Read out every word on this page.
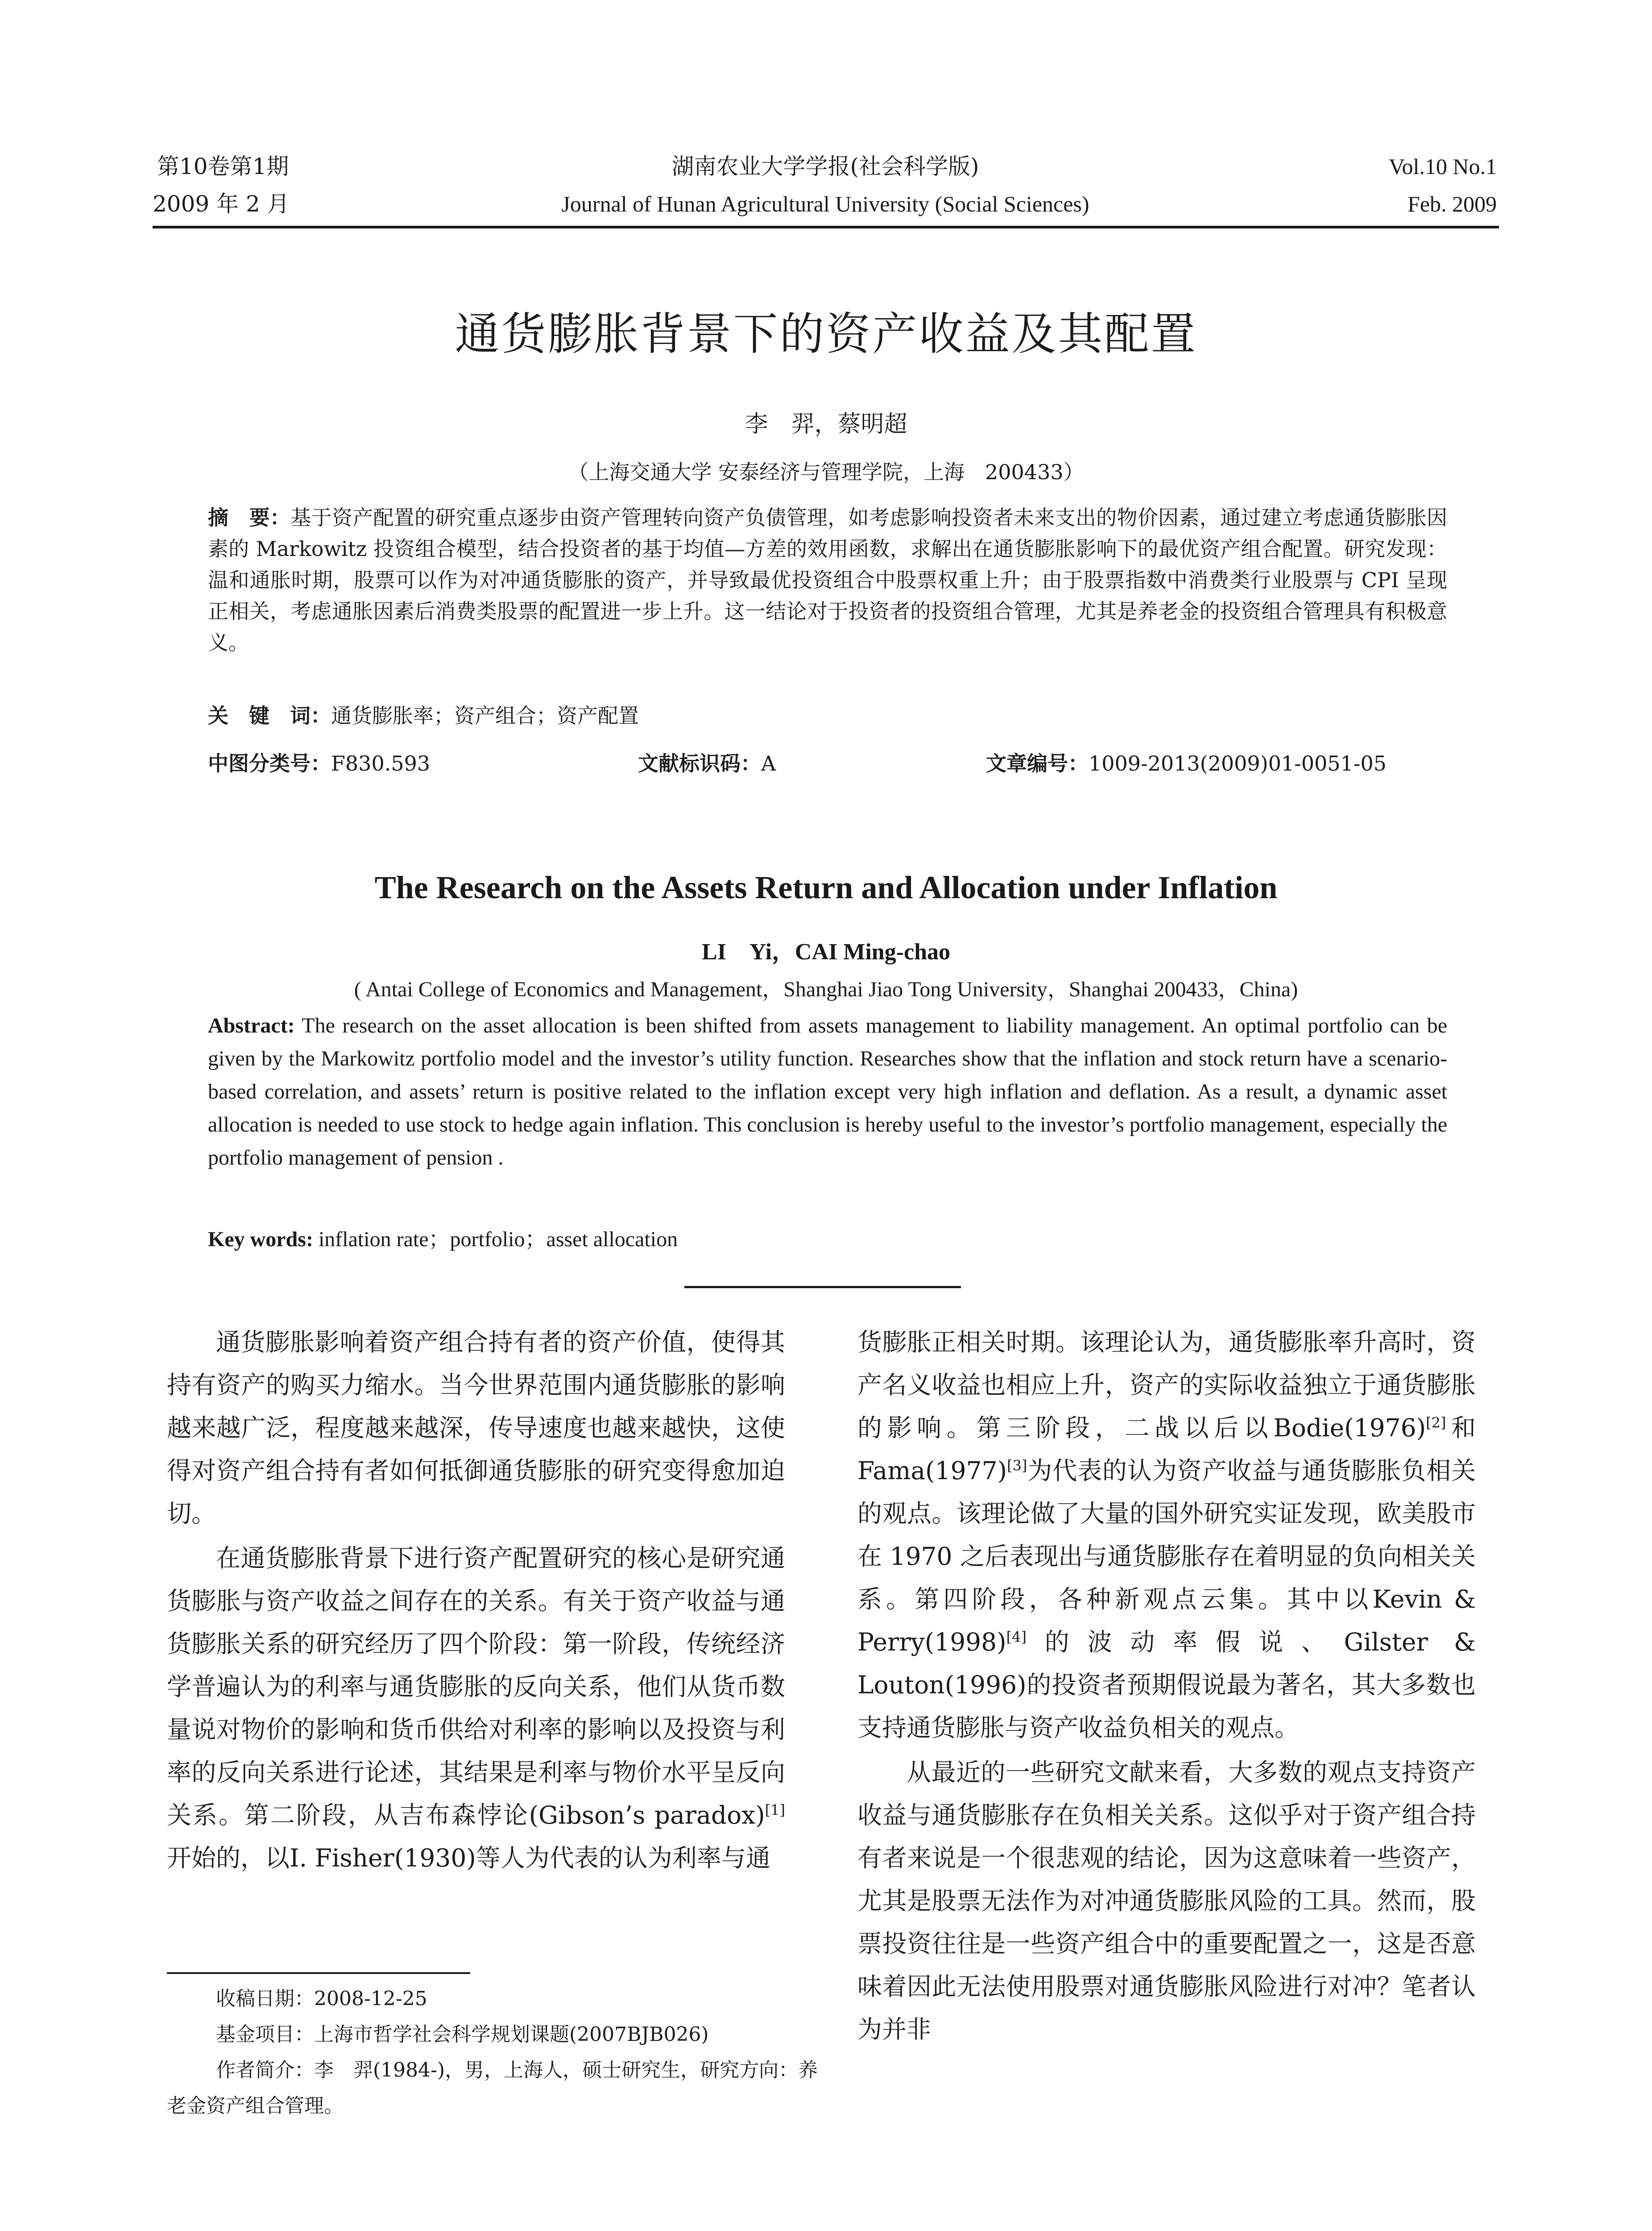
第10卷第1期
2009 年 2 月
湖南农业大学学报(社会科学版)
Journal of Hunan Agricultural University (Social Sciences)
Vol.10 No.1
Feb. 2009
通货膨胀背景下的资产收益及其配置
李　羿，蔡明超
（上海交通大学 安泰经济与管理学院，上海　200433）
摘　要：基于资产配置的研究重点逐步由资产管理转向资产负债管理，如考虑影响投资者未来支出的物价因素，通过建立考虑通货膨胀因素的 Markowitz 投资组合模型，结合投资者的基于均值—方差的效用函数，求解出在通货膨胀影响下的最优资产组合配置。研究发现：温和通胀时期，股票可以作为对冲通货膨胀的资产，并导致最优投资组合中股票权重上升；由于股票指数中消费类行业股票与 CPI 呈现正相关，考虑通胀因素后消费类股票的配置进一步上升。这一结论对于投资者的投资组合管理，尤其是养老金的投资组合管理具有积极意义。
关　键　词：通货膨胀率；资产组合；资产配置
中图分类号：F830.593	文献标识码：A	文章编号：1009-2013(2009)01-0051-05
The Research on the Assets Return and Allocation under Inflation
LI　Yi，CAI Ming-chao
( Antai College of Economics and Management，Shanghai Jiao Tong University，Shanghai 200433，China)
Abstract: The research on the asset allocation is been shifted from assets management to liability management. An optimal portfolio can be given by the Markowitz portfolio model and the investor’s utility function. Researches show that the inflation and stock return have a scenario-based correlation, and assets’ return is positive related to the inflation except very high inflation and deflation. As a result, a dynamic asset allocation is needed to use stock to hedge again inflation. This conclusion is hereby useful to the investor’s portfolio management, especially the portfolio management of pension .
Key words: inflation rate；portfolio；asset allocation

通货膨胀影响着资产组合持有者的资产价值，使得其持有资产的购买力缩水。当今世界范围内通货膨胀的影响越来越广泛，程度越来越深，传导速度也越来越快，这使得对资产组合持有者如何抵御通货膨胀的研究变得愈加迫切。

在通货膨胀背景下进行资产配置研究的核心是研究通货膨胀与资产收益之间存在的关系。有关于资产收益与通货膨胀关系的研究经历了四个阶段：第一阶段，传统经济学普遍认为的利率与通货膨胀的反向关系，他们从货币数量说对物价的影响和货币供给对利率的影响以及投资与利率的反向关系进行论述，其结果是利率与物价水平呈反向关系。第二阶段，从吉布森悖论(Gibson’s paradox)[1]开始的，以I. Fisher(1930)等人为代表的认为利率与通

货膨胀正相关时期。该理论认为，通货膨胀率升高时，资产名义收益也相应上升，资产的实际收益独立于通货膨胀的影响。第三阶段，二战以后以Bodie(1976)[2]和Fama(1977)[3]为代表的认为资产收益与通货膨胀负相关的观点。该理论做了大量的国外研究实证发现，欧美股市在 1970 之后表现出与通货膨胀存在着明显的负向相关关系。第四阶段，各种新观点云集。其中以Kevin & Perry(1998)[4]的波动率假说、Gilster & Louton(1996)的投资者预期假说最为著名，其大多数也支持通货膨胀与资产收益负相关的观点。

从最近的一些研究文献来看，大多数的观点支持资产收益与通货膨胀存在负相关关系。这似乎对于资产组合持有者来说是一个很悲观的结论，因为这意味着一些资产，尤其是股票无法作为对冲通货膨胀风险的工具。然而，股票投资往往是一些资产组合中的重要配置之一，这是否意味着因此无法使用股票对通货膨胀风险进行对冲？笔者认为并非

收稿日期：2008-12-25

基金项目：上海市哲学社会科学规划课题(2007BJB026)

作者简介：李　羿(1984-)，男，上海人，硕士研究生，研究方向：养老金资产组合管理。
